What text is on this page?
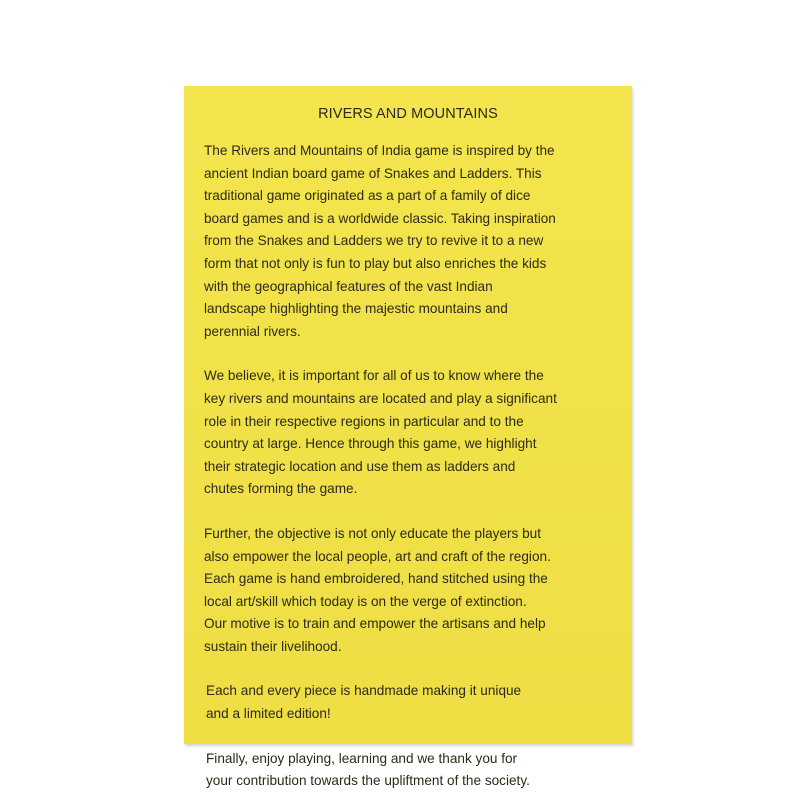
RIVERS AND MOUNTAINS

The Rivers and Mountains of India game is inspired by the
ancient Indian board game of Snakes and Ladders. This
traditional game originated as a part of a family of dice
board games and is a worldwide classic. Taking inspiration
from the Snakes and Ladders we try to revive it to a new
form that not only is fun to play but also enriches the kids
with the geographical features of the vast Indian
landscape highlighting the majestic mountains and
perennial rivers.

We believe, it is important for all of us to know where the
key rivers and mountains are located and play a significant
role in their respective regions in particular and to the
country at large. Hence through this game, we highlight
their strategic location and use them as ladders and
chutes forming the game.

Further, the objective is not only educate the players but
also empower the local people, art and craft of the region.
Each game is hand embroidered, hand stitched using the
local art/skill which today is on the verge of extinction.
Our motive is to train and empower the artisans and help
sustain their livelihood.

Each and every piece is handmade making it unique
and a limited edition!

Finally, enjoy playing, learning and we thank you for
your contribution towards the upliftment of the society.
